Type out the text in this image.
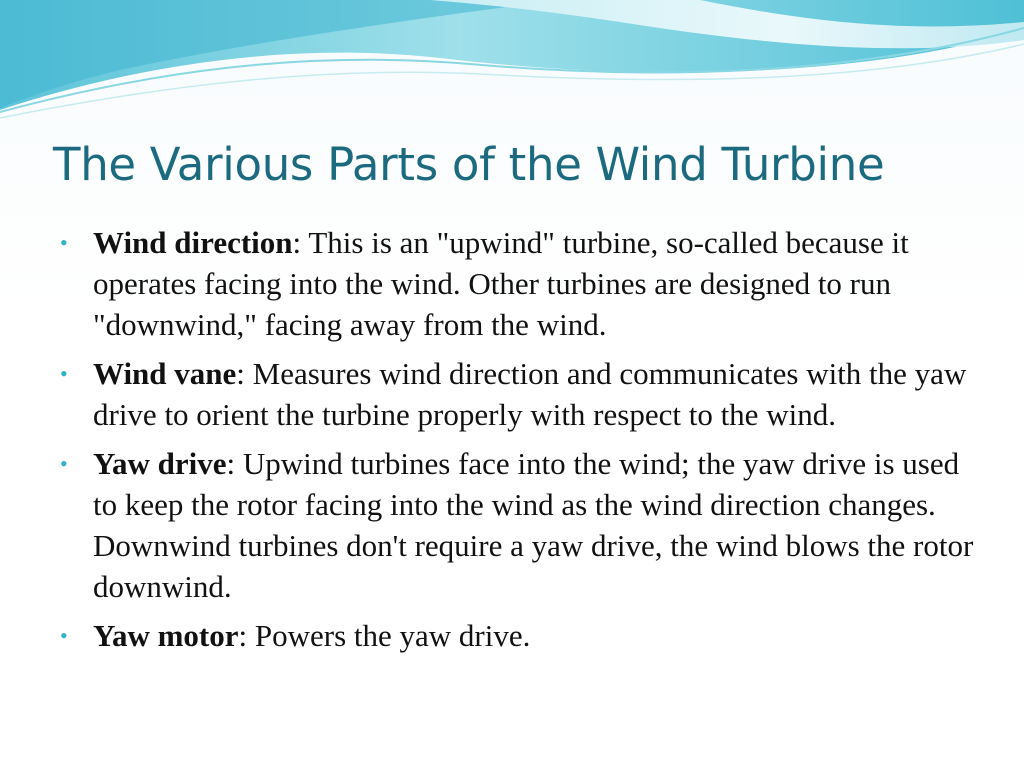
The Various Parts of the Wind Turbine
• Wind direction: This is an "upwind" turbine, so-called because it operates facing into the wind. Other turbines are designed to run "downwind," facing away from the wind.
• Wind vane: Measures wind direction and communicates with the yaw drive to orient the turbine properly with respect to the wind.
• Yaw drive: Upwind turbines face into the wind; the yaw drive is used to keep the rotor facing into the wind as the wind direction changes. Downwind turbines don't require a yaw drive, the wind blows the rotor downwind.
• Yaw motor: Powers the yaw drive.
